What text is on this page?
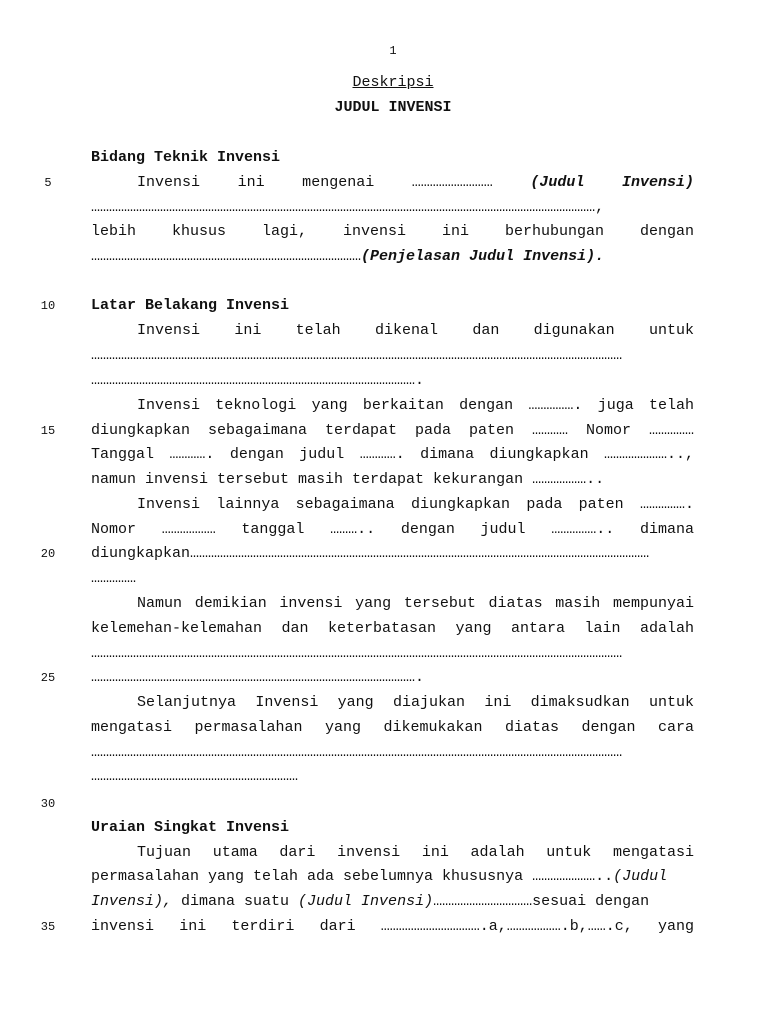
1
Deskripsi
JUDUL INVENSI
5
10
15
20
25
30
35
Bidang Teknik Invensi
Invensi ini mengenai ……………………… (Judul Invensi)
……………………………………………………………………………………………………………………………………………………,
lebih khusus lagi, invensi ini berhubungan dengan
………………………………………………………………………………(Penjelasan Judul Invensi).
Latar Belakang Invensi
Invensi ini telah dikenal dan digunakan untuk
……………………………………………………………………………………………………………………………………………………………
……………………………………………………………………………………………….
Invensi teknologi yang berkaitan dengan ……………. juga telah
diungkapkan sebagaimana terdapat pada paten ………… Nomor ……………
Tanggal …………. dengan judul …………. dimana diungkapkan …………………..,
namun invensi tersebut masih terdapat kekurangan ………………..
Invensi lainnya sebagaimana diungkapkan pada paten …………….
Nomor ……………… tanggal ……….. dengan judul …………….. dimana
diungkapkan………………………………………………………………………………………………………………………………………
……………
Namun demikian invensi yang tersebut diatas masih mempunyai
kelemehan-kelemahan dan keterbatasan yang antara lain adalah
……………………………………………………………………………………………………………………………………………………………
……………………………………………………………………………………………….
Selanjutnya Invensi yang diajukan ini dimaksudkan untuk
mengatasi permasalahan yang dikemukakan diatas dengan cara
……………………………………………………………………………………………………………………………………………………………
……………………………………………………………
Uraian Singkat Invensi
Tujuan utama dari invensi ini adalah untuk mengatasi
permasalahan yang telah ada sebelumnya khususnya …………………..(Judul
Invensi), dimana suatu (Judul Invensi)……………………………sesuai dengan
invensi ini terdiri dari …………………………….a,……………….b,…….c, yang
